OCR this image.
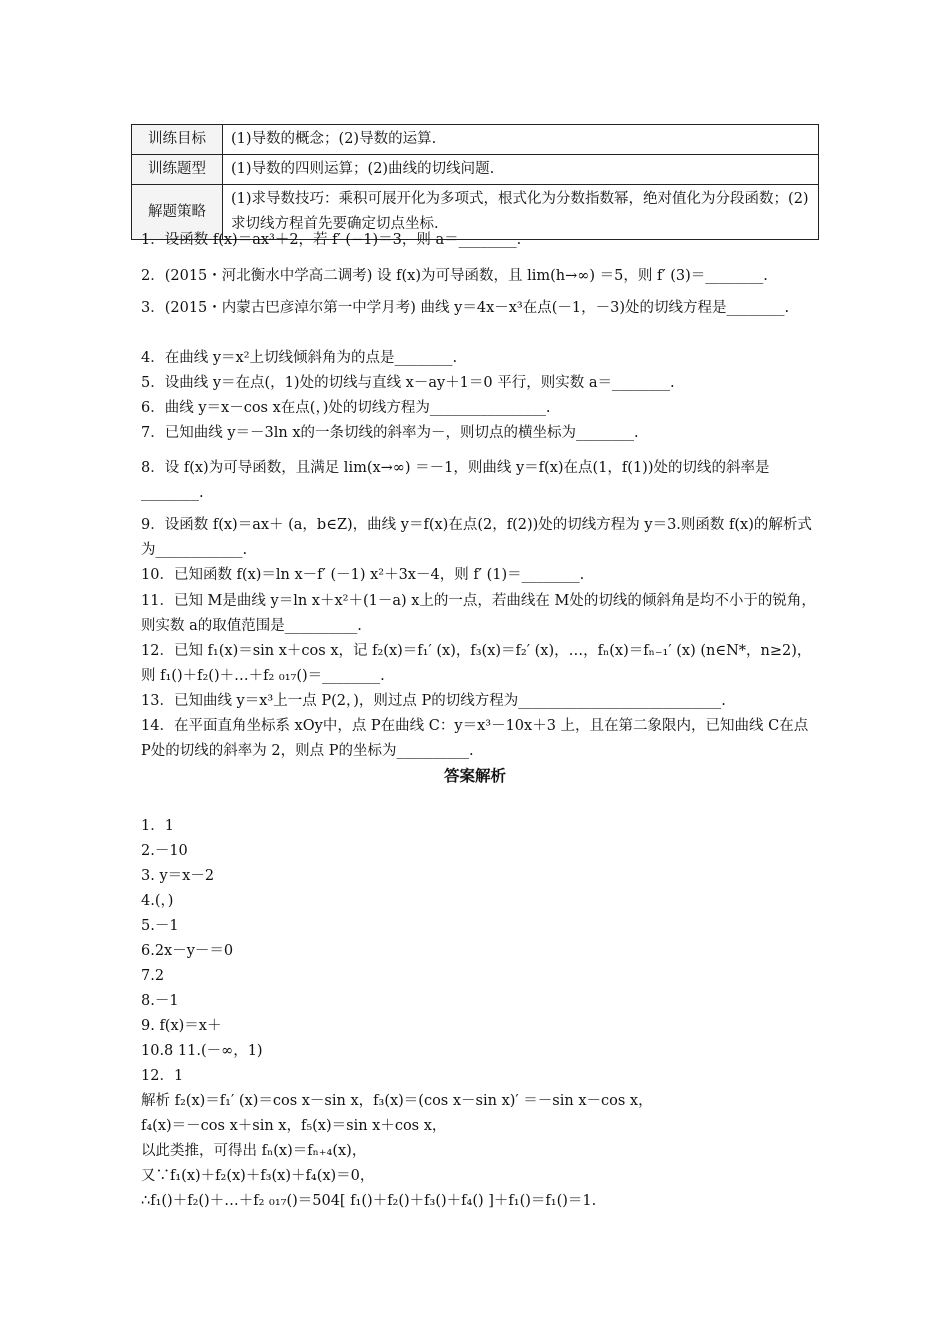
训练目标	(1)导数的概念；(2)导数的运算.
训练题型	(1)导数的四则运算；(2)曲线的切线问题.
解题策略	(1)求导数技巧：乘积可展开化为多项式，根式化为分数指数幂，绝对值化为分段函数；(2)求切线方程首先要确定切点坐标.
1．设函数 f(x)＝ax³＋2，若 f′ (−1)＝3，则 a＝________.
2．(2015・河北衡水中学高二调考) 设 f(x)为可导函数，且 lim(h→∞) ＝5，则 f′ (3)＝________.
3．(2015・内蒙古巴彦淖尔第一中学月考) 曲线 y＝4x－x³在点(－1，－3)处的切线方程是________.
4．在曲线 y＝x²上切线倾斜角为的点是________.
5．设曲线 y＝在点(，1)处的切线与直线 x－ay＋1＝0 平行，则实数 a＝________.
6．曲线 y＝x－cos x在点(，)处的切线方程为________________.
7．已知曲线 y＝－3ln x的一条切线的斜率为－，则切点的横坐标为________.
8．设 f(x)为可导函数，且满足 lim(x→∞) ＝－1，则曲线 y＝f(x)在点(1，f(1))处的切线的斜率是________.
9．设函数 f(x)＝ax＋ (a，b∈Z)，曲线 y＝f(x)在点(2，f(2))处的切线方程为 y＝3.则函数 f(x)的解析式为____________.
10．已知函数 f(x)＝ln x－f′ (－1) x²＋3x－4，则 f′ (1)＝________.
11．已知 M是曲线 y＝ln x＋x²＋(1－a) x上的一点，若曲线在 M处的切线的倾斜角是均不小于的锐角，则实数 a的取值范围是__________.
12．已知 f₁(x)＝sin x＋cos x，记 f₂(x)＝f₁′ (x)，f₃(x)＝f₂′ (x)，…，fₙ(x)＝fₙ₋₁′ (x) (n∈N*，n≥2)，则 f₁()＋f₂()＋…＋f₂ ₀₁₇()＝________.
13．已知曲线 y＝x³上一点 P(2，)，则过点 P的切线方程为____________________________.
14．在平面直角坐标系 xOy中，点 P在曲线 C：y＝x³－10x＋3 上，且在第二象限内，已知曲线 C在点 P处的切线的斜率为 2，则点 P的坐标为__________.
答案解析
1．1
2.－10
3. y＝x－2
4.(，)
5.－1
6.2x－y－＝0
7.2
8.－1
9. f(x)＝x＋
10.8 11.(－∞，1)
12．1
解析 f₂(x)＝f₁′ (x)＝cos x－sin x，f₃(x)＝(cos x－sin x)′ ＝－sin x－cos x，
f₄(x)＝－cos x＋sin x，f₅(x)＝sin x＋cos x，
以此类推，可得出 fₙ(x)＝fₙ₊₄(x)，
又∵f₁(x)＋f₂(x)＋f₃(x)＋f₄(x)＝0，
∴f₁()＋f₂()＋…＋f₂ ₀₁₇()＝504[ f₁()＋f₂()＋f₃()＋f₄() ]＋f₁()＝f₁()＝1.
